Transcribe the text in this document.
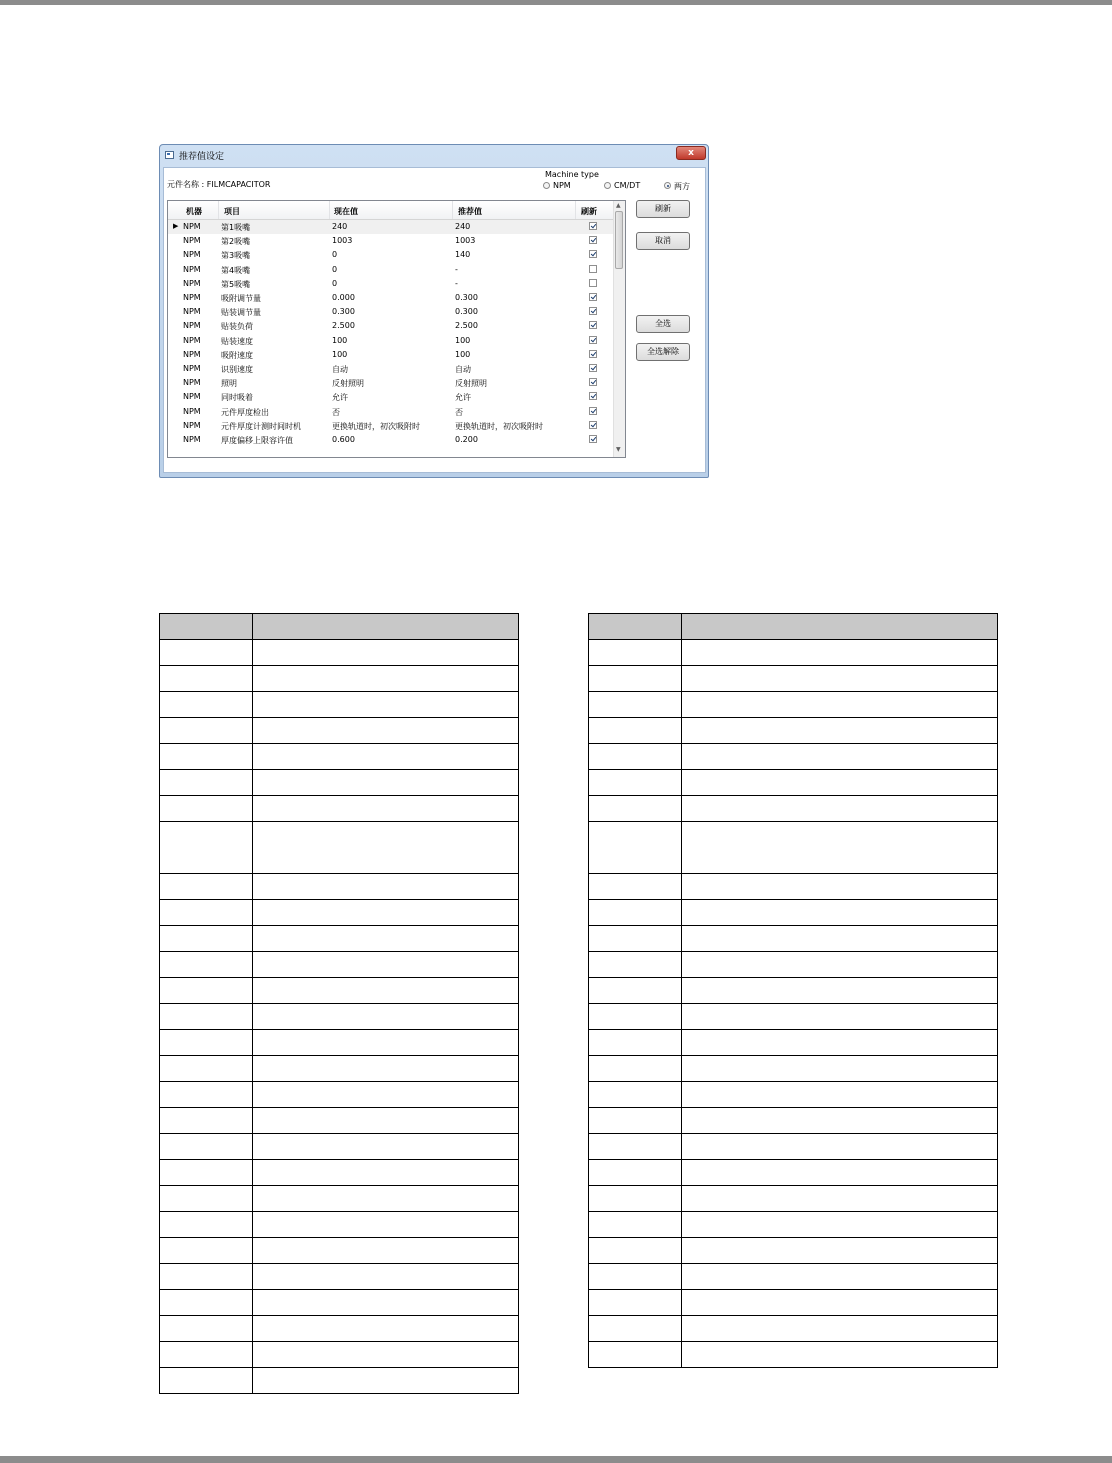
推荐值设定	x
元件名称 : FILMCAPACITOR
Machine type
NPM	CM/DT	两方
机器	项目	现在值	推荐值	刷新
▶ NPM	第1吸嘴	240	240
NPM	第2吸嘴	1003	1003
NPM	第3吸嘴	0	140
NPM	第4吸嘴	0	-
NPM	第5吸嘴	0	-
NPM	吸附调节量	0.000	0.300
NPM	贴装调节量	0.300	0.300
NPM	贴装负荷	2.500	2.500
NPM	贴装速度	100	100
NPM	吸附速度	100	100
NPM	识别速度	自动	自动
NPM	照明	反射照明	反射照明
NPM	同时吸着	允许	允许
NPM	元件厚度检出	否	否
NPM	元件厚度计测时间时机	更换轨道时，初次吸附时	更换轨道时，初次吸附时
NPM	厚度偏移上限容许值	0.600	0.200
▲
▼
刷新
取消
全选
全选解除
